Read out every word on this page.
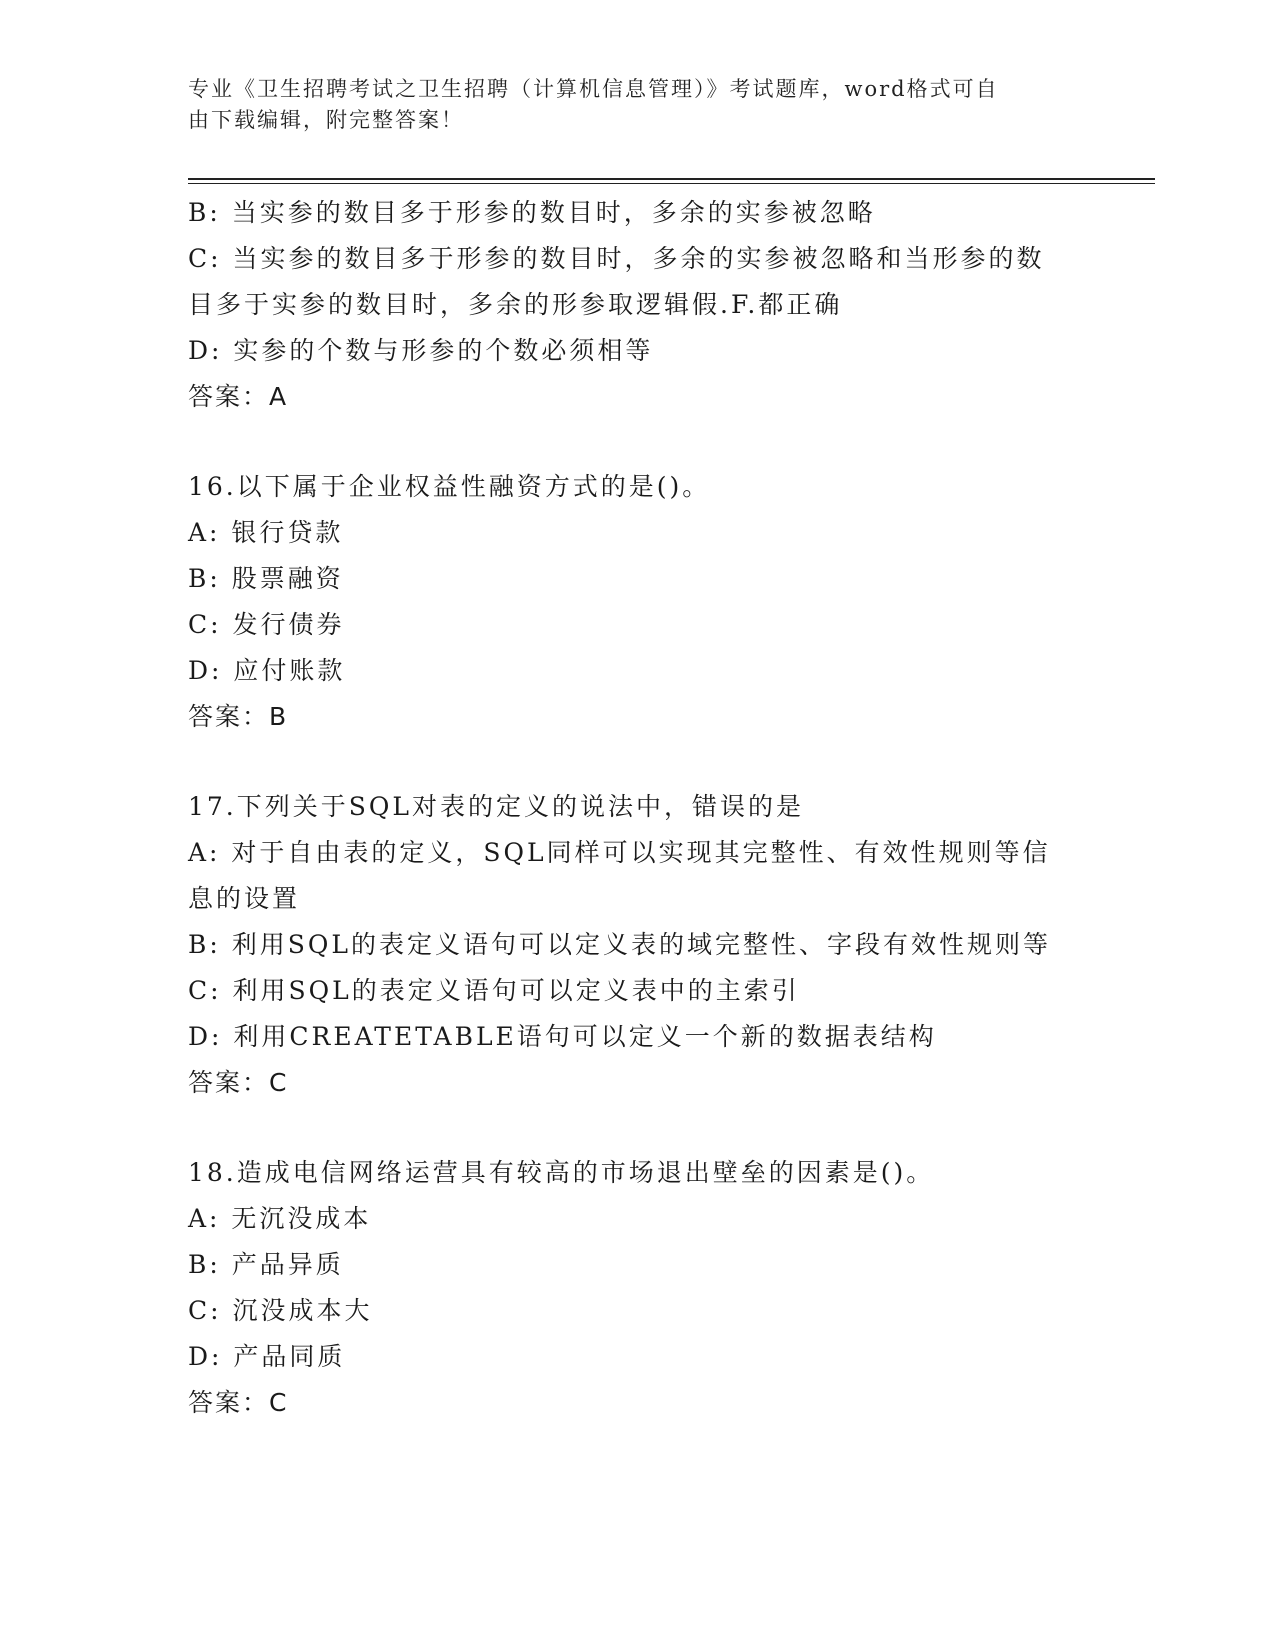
专业《卫生招聘考试之卫生招聘（计算机信息管理）》考试题库，word格式可自
由下载编辑，附完整答案！
B: 当实参的数目多于形参的数目时，多余的实参被忽略
C: 当实参的数目多于形参的数目时，多余的实参被忽略和当形参的数
目多于实参的数目时，多余的形参取逻辑假.F.都正确
D: 实参的个数与形参的个数必须相等
答案：A
16.以下属于企业权益性融资方式的是()。
A: 银行贷款
B: 股票融资
C: 发行债券
D: 应付账款
答案：B
17.下列关于SQL对表的定义的说法中，错误的是
A: 对于自由表的定义，SQL同样可以实现其完整性、有效性规则等信
息的设置
B: 利用SQL的表定义语句可以定义表的域完整性、字段有效性规则等
C: 利用SQL的表定义语句可以定义表中的主索引
D: 利用CREATETABLE语句可以定义一个新的数据表结构
答案：C
18.造成电信网络运营具有较高的市场退出壁垒的因素是()。
A: 无沉没成本
B: 产品异质
C: 沉没成本大
D: 产品同质
答案：C
